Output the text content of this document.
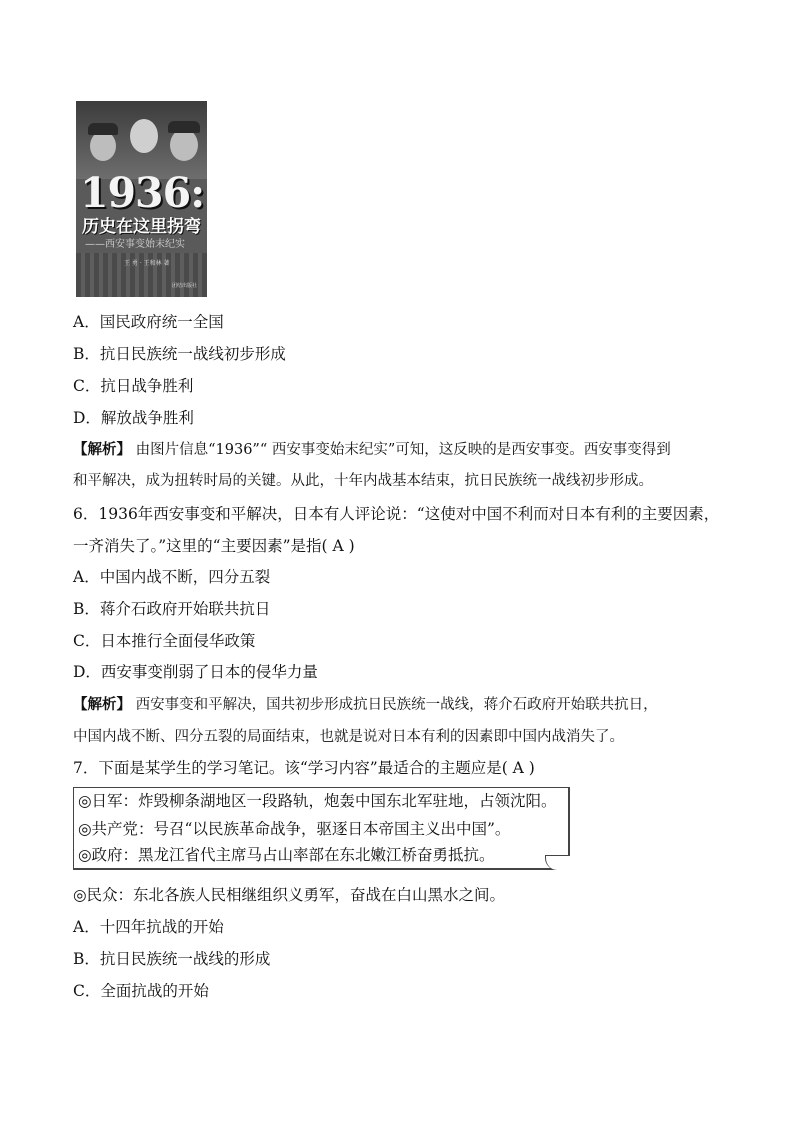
1936:
历史在这里拐弯
——西安事变始末纪实
王 勇 · 王和林 著
团结出版社
A．国民政府统一全国
B．抗日民族统一战线初步形成
C．抗日战争胜利
D．解放战争胜利
【解析】 由图片信息“1936”“ 西安事变始末纪实”可知，这反映的是西安事变。西安事变得到
和平解决，成为扭转时局的关键。从此，十年内战基本结束，抗日民族统一战线初步形成。
6．1936年西安事变和平解决，日本有人评论说：“这使对中国不利而对日本有利的主要因素，
一齐消失了。”这里的“主要因素”是指( A )
A．中国内战不断，四分五裂
B．蒋介石政府开始联共抗日
C．日本推行全面侵华政策
D．西安事变削弱了日本的侵华力量
【解析】 西安事变和平解决，国共初步形成抗日民族统一战线，蒋介石政府开始联共抗日，
中国内战不断、四分五裂的局面结束，也就是说对日本有利的因素即中国内战消失了。
7．下面是某学生的学习笔记。该“学习内容”最适合的主题应是( A )
◎日军：炸毁柳条湖地区一段路轨，炮轰中国东北军驻地，占领沈阳。
◎共产党：号召“以民族革命战争，驱逐日本帝国主义出中国”。
◎政府：黑龙江省代主席马占山率部在东北嫩江桥奋勇抵抗。
◎民众：东北各族人民相继组织义勇军，奋战在白山黑水之间。
A．十四年抗战的开始
B．抗日民族统一战线的形成
C．全面抗战的开始
